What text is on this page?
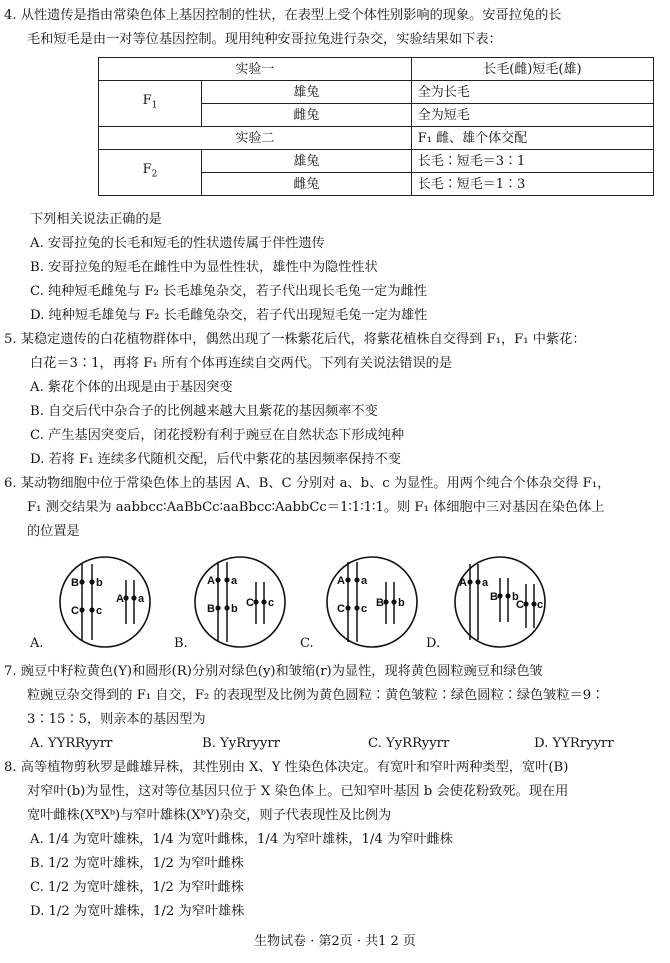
4. 从性遗传是指由常染色体上基因控制的性状，在表型上受个体性别影响的现象。安哥拉兔的长
毛和短毛是由一对等位基因控制。现用纯种安哥拉兔进行杂交，实验结果如下表：
实验一		长毛(雌)短毛(雄)
$F_1$	雄兔	全为长毛
	雌兔	全为短毛
实验二		F₁ 雌、雄个体交配
$F_2$	雄兔	长毛∶短毛＝3∶1
	雌兔	长毛∶短毛＝1∶3
下列相关说法正确的是
A. 安哥拉兔的长毛和短毛的性状遗传属于伴性遗传
B. 安哥拉兔的短毛在雌性中为显性性状，雄性中为隐性性状
C. 纯种短毛雌兔与 F₂ 长毛雄兔杂交，若子代出现长毛兔一定为雌性
D. 纯种短毛雄兔与 F₂ 长毛雌兔杂交，若子代出现短毛兔一定为雄性
5. 某稳定遗传的白花植物群体中，偶然出现了一株紫花后代，将紫花植株自交得到 F₁，F₁ 中紫花：
白花＝3∶1，再将 F₁ 所有个体再连续自交两代。下列有关说法错误的是
A. 紫花个体的出现是由于基因突变
B. 自交后代中杂合子的比例越来越大且紫花的基因频率不变
C. 产生基因突变后，闭花授粉有利于豌豆在自然状态下形成纯种
D. 若将 F₁ 连续多代随机交配，后代中紫花的基因频率保持不变
6. 某动物细胞中位于常染色体上的基因 A、B、C 分别对 a、b、c 为显性。用两个纯合个体杂交得 F₁，
F₁ 测交结果为 aabbcc∶AaBbCc∶aaBbcc∶AabbCc＝1∶1∶1∶1。则 F₁ 体细胞中三对基因在染色体上
的位置是
B b
C c
A a
A.
A a
B b C c
B.
A a
C c B b
C.
A a
B b
C c
D.
7. 豌豆中籽粒黄色(Y)和圆形(R)分别对绿色(y)和皱缩(r)为显性，现将黄色圆粒豌豆和绿色皱
粒豌豆杂交得到的 F₁ 自交，F₂ 的表现型及比例为黄色圆粒∶黄色皱粒∶绿色圆粒∶绿色皱粒＝9∶
3∶15∶5，则亲本的基因型为
A. YYRRyyrr	B. YyRryyrr	C. YyRRyyrr	D. YYRryyrr
8. 高等植物剪秋罗是雌雄异株，其性别由 X、Y 性染色体决定。有宽叶和窄叶两种类型，宽叶(B)
对窄叶(b)为显性，这对等位基因只位于 X 染色体上。已知窄叶基因 b 会使花粉致死。现在用
宽叶雌株(XᴮXᵇ)与窄叶雄株(XᵇY)杂交，则子代表现性及比例为
A. 1/4 为宽叶雄株，1/4 为宽叶雌株，1/4 为窄叶雄株，1/4 为窄叶雌株
B. 1/2 为宽叶雄株，1/2 为窄叶雌株
C. 1/2 为宽叶雄株，1/2 为窄叶雌株
D. 1/2 为宽叶雄株，1/2 为窄叶雄株
生物试卷 · 第2页 · 共1 2 页
